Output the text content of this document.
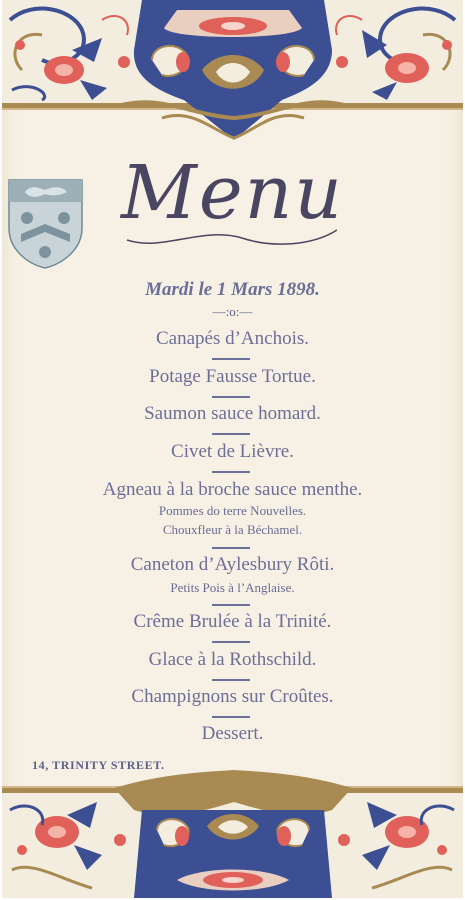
Menu
Mardi le 1 Mars 1898.
—:o:—
Canapés d’Anchois.
Potage Fausse Tortue.
Saumon sauce homard.
Civet de Lièvre.
Agneau à la broche sauce menthe.
Pommes do terre Nouvelles.
Chouxfleur à la Béchamel.
Caneton d’Aylesbury Rôti.
Petits Pois à l’Anglaise.
Crême Brulée à la Trinité.
Glace à la Rothschild.
Champignons sur Croûtes.
Dessert.
14, TRINITY STREET.
